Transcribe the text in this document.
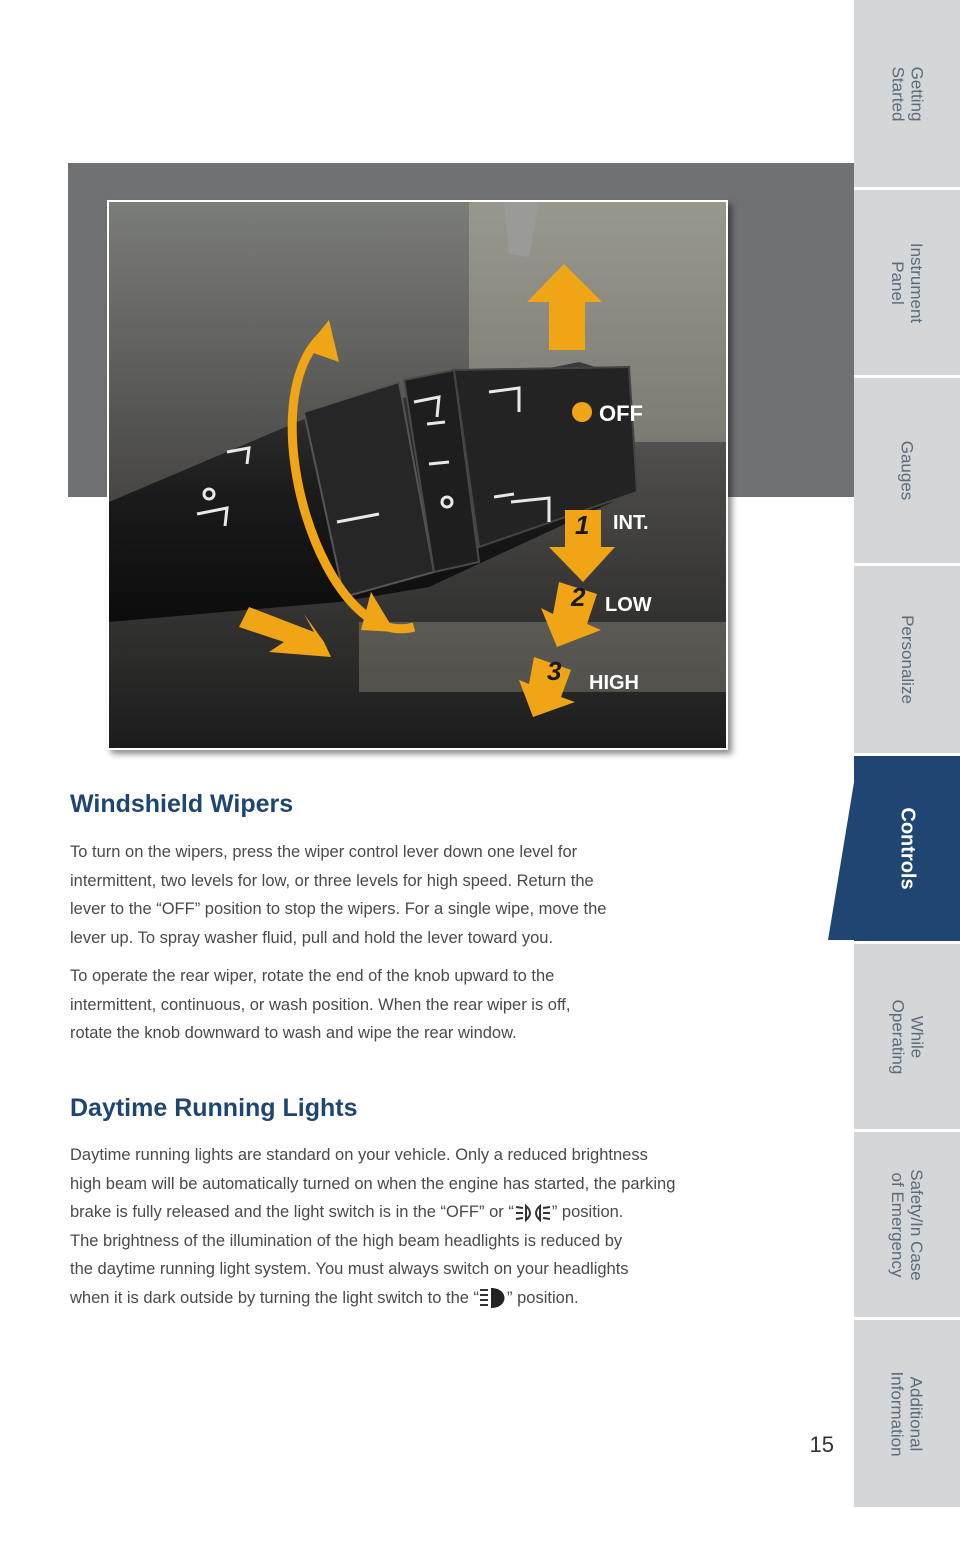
Getting
Started
Instrument
Panel
Gauges
Personalize
Controls
While
Operating
Safety/In Case
of Emergency
Additional
Information
OFF
1 INT.
2 LOW
3 HIGH
Windshield Wipers
To turn on the wipers, press the wiper control lever down one level for
intermittent, two levels for low, or three levels for high speed. Return the
lever to the “OFF” position to stop the wipers. For a single wipe, move the
lever up. To spray washer fluid, pull and hold the lever toward you.
To operate the rear wiper, rotate the end of the knob upward to the
intermittent, continuous, or wash position. When the rear wiper is off,
rotate the knob downward to wash and wipe the rear window.
Daytime Running Lights
Daytime running lights are standard on your vehicle. Only a reduced brightness
high beam will be automatically turned on when the engine has started, the parking
brake is fully released and the light switch is in the “OFF” or “ ” position.
The brightness of the illumination of the high beam headlights is reduced by
the daytime running light system. You must always switch on your headlights
when it is dark outside by turning the light switch to the “ ” position.
15
